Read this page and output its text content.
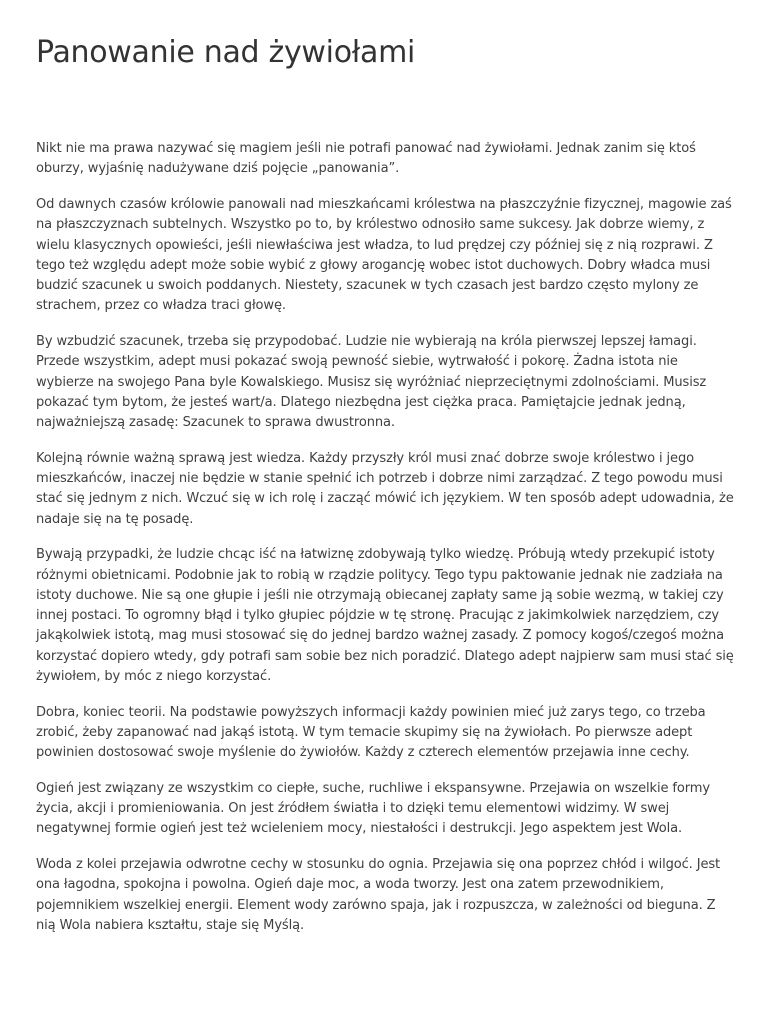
Panowanie nad żywiołami

Nikt nie ma prawa nazywać się magiem jeśli nie potrafi panować nad żywiołami. Jednak zanim się ktoś oburzy, wyjaśnię nadużywane dziś pojęcie „panowania”.

Od dawnych czasów królowie panowali nad mieszkańcami królestwa na płaszczyźnie fizycznej, magowie zaś na płaszczyznach subtelnych. Wszystko po to, by królestwo odnosiło same sukcesy. Jak dobrze wiemy, z wielu klasycznych opowieści, jeśli niewłaściwa jest władza, to lud prędzej czy później się z nią rozprawi. Z tego też względu adept może sobie wybić z głowy arogancję wobec istot duchowych. Dobry władca musi budzić szacunek u swoich poddanych. Niestety, szacunek w tych czasach jest bardzo często mylony ze strachem, przez co władza traci głowę.

By wzbudzić szacunek, trzeba się przypodobać. Ludzie nie wybierają na króla pierwszej lepszej łamagi. Przede wszystkim, adept musi pokazać swoją pewność siebie, wytrwałość i pokorę. Żadna istota nie wybierze na swojego Pana byle Kowalskiego. Musisz się wyróżniać nieprzeciętnymi zdolnościami. Musisz pokazać tym bytom, że jesteś wart/a. Dlatego niezbędna jest ciężka praca. Pamiętajcie jednak jedną, najważniejszą zasadę: Szacunek to sprawa dwustronna.

Kolejną równie ważną sprawą jest wiedza. Każdy przyszły król musi znać dobrze swoje królestwo i jego mieszkańców, inaczej nie będzie w stanie spełnić ich potrzeb i dobrze nimi zarządzać. Z tego powodu musi stać się jednym z nich. Wczuć się w ich rolę i zacząć mówić ich językiem. W ten sposób adept udowadnia, że nadaje się na tę posadę.

Bywają przypadki, że ludzie chcąc iść na łatwiznę zdobywają tylko wiedzę. Próbują wtedy przekupić istoty różnymi obietnicami. Podobnie jak to robią w rządzie politycy. Tego typu paktowanie jednak nie zadziała na istoty duchowe. Nie są one głupie i jeśli nie otrzymają obiecanej zapłaty same ją sobie wezmą, w takiej czy innej postaci. To ogromny błąd i tylko głupiec pójdzie w tę stronę. Pracując z jakimkolwiek narzędziem, czy jakąkolwiek istotą, mag musi stosować się do jednej bardzo ważnej zasady. Z pomocy kogoś/czegoś można korzystać dopiero wtedy, gdy potrafi sam sobie bez nich poradzić. Dlatego adept najpierw sam musi stać się żywiołem, by móc z niego korzystać.

Dobra, koniec teorii. Na podstawie powyższych informacji każdy powinien mieć już zarys tego, co trzeba zrobić, żeby zapanować nad jakąś istotą. W tym temacie skupimy się na żywiołach. Po pierwsze adept powinien dostosować swoje myślenie do żywiołów. Każdy z czterech elementów przejawia inne cechy.

Ogień jest związany ze wszystkim co ciepłe, suche, ruchliwe i ekspansywne. Przejawia on wszelkie formy życia, akcji i promieniowania. On jest źródłem światła i to dzięki temu elementowi widzimy. W swej negatywnej formie ogień jest też wcieleniem mocy, niestałości i destrukcji. Jego aspektem jest Wola.

Woda z kolei przejawia odwrotne cechy w stosunku do ognia. Przejawia się ona poprzez chłód i wilgoć. Jest ona łagodna, spokojna i powolna. Ogień daje moc, a woda tworzy. Jest ona zatem przewodnikiem, pojemnikiem wszelkiej energii. Element wody zarówno spaja, jak i rozpuszcza, w zależności od bieguna. Z nią Wola nabiera kształtu, staje się Myślą.
